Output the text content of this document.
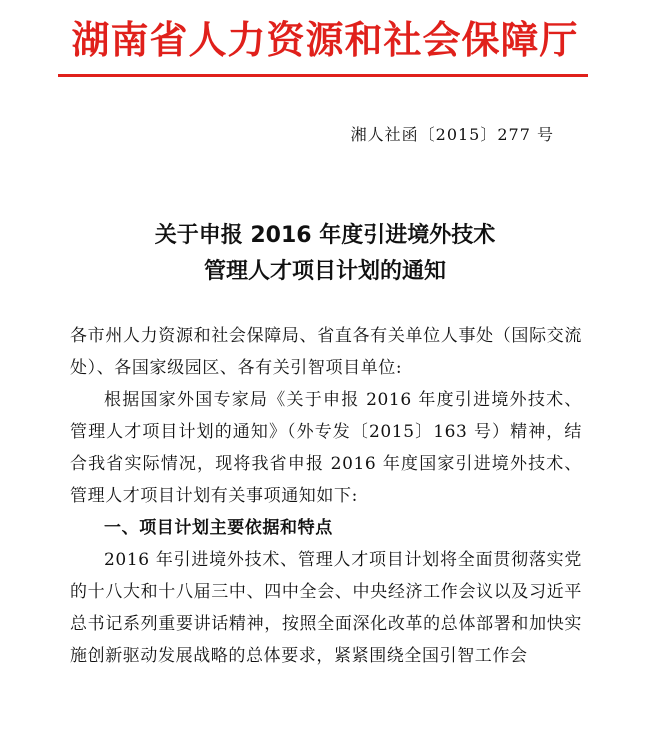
湖南省人力资源和社会保障厅
湘人社函〔2015〕277 号
关于申报 2016 年度引进境外技术
管理人才项目计划的通知

各市州人力资源和社会保障局、省直各有关单位人事处（国际交流处）、各国家级园区、各有关引智项目单位:

根据国家外国专家局《关于申报 2016 年度引进境外技术、管理人才项目计划的通知》（外专发〔2015〕163 号）精神，结合我省实际情况，现将我省申报 2016 年度国家引进境外技术、管理人才项目计划有关事项通知如下:

一、项目计划主要依据和特点

2016 年引进境外技术、管理人才项目计划将全面贯彻落实党的十八大和十八届三中、四中全会、中央经济工作会议以及习近平总书记系列重要讲话精神，按照全面深化改革的总体部署和加快实施创新驱动发展战略的总体要求，紧紧围绕全国引智工作会
